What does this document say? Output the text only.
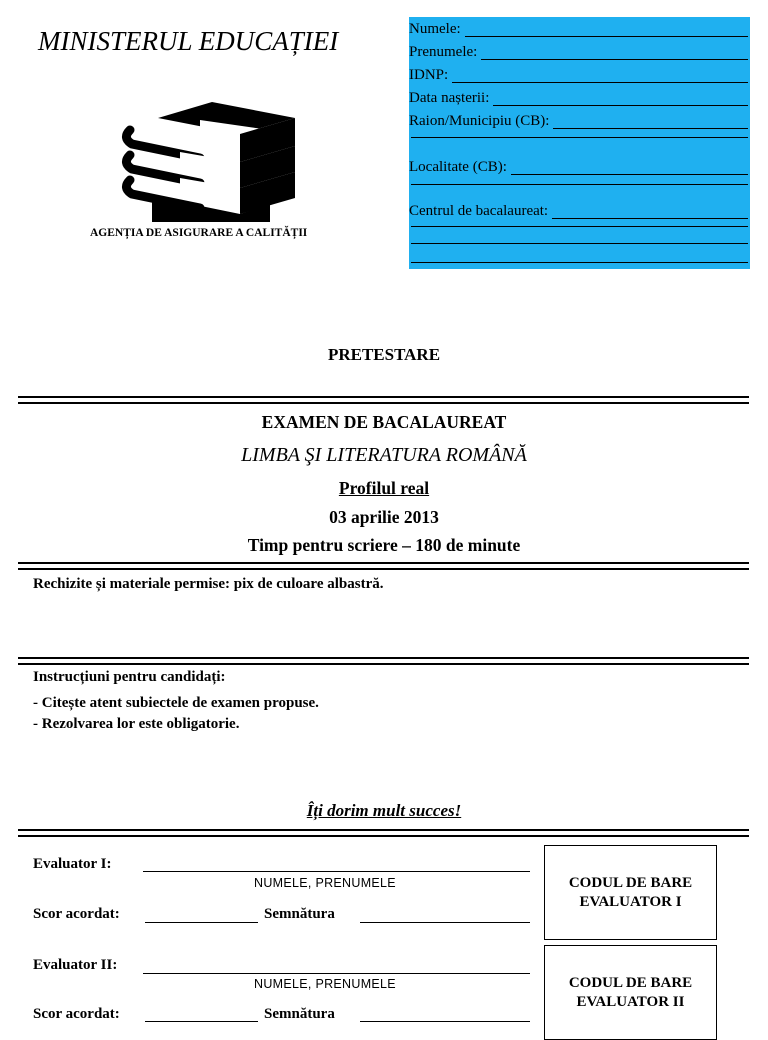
MINISTERUL EDUCAȚIEI
AGENȚIA DE ASIGURARE A CALITĂȚII
Numele:
Prenumele:
IDNP:
Data nașterii:
Raion/Municipiu (CB):
Localitate (CB):
Centrul de bacalaureat:
PRETESTARE
EXAMEN DE BACALAUREAT
LIMBA ŞI LITERATURA ROMÂNĂ
Profilul real
03 aprilie 2013
Timp pentru scriere – 180 de minute
Rechizite și materiale permise: pix de culoare albastră.
Instrucțiuni pentru candidați:
- Citește atent subiectele de examen propuse.
- Rezolvarea lor este obligatorie.
Îți dorim mult succes!
Evaluator I:
NUMELE, PRENUMELE
Scor acordat:	Semnătura
CODUL DE BARE EVALUATOR I
Evaluator II:
NUMELE, PRENUMELE
Scor acordat:	Semnătura
CODUL DE BARE EVALUATOR II
